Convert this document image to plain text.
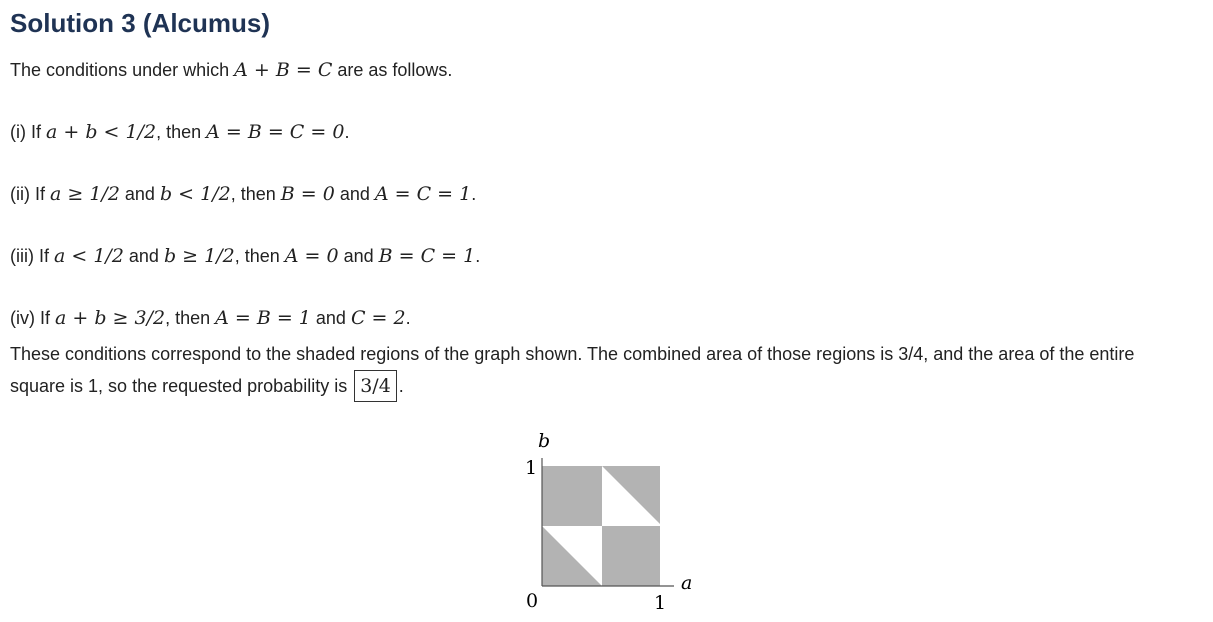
Solution 3 (Alcumus)
The conditions under which A + B = C are as follows.
(i) If a + b < 1/2, then A = B = C = 0.
(ii) If a ≥ 1/2 and b < 1/2, then B = 0 and A = C = 1.
(iii) If a < 1/2 and b ≥ 1/2, then A = 0 and B = C = 1.
(iv) If a + b ≥ 3/2, then A = B = 1 and C = 2.
These conditions correspond to the shaded regions of the graph shown. The combined area of those regions is 3/4, and the area of the entire
square is 1, so the requested probability is 3/4 .
b
1
a
0	1
